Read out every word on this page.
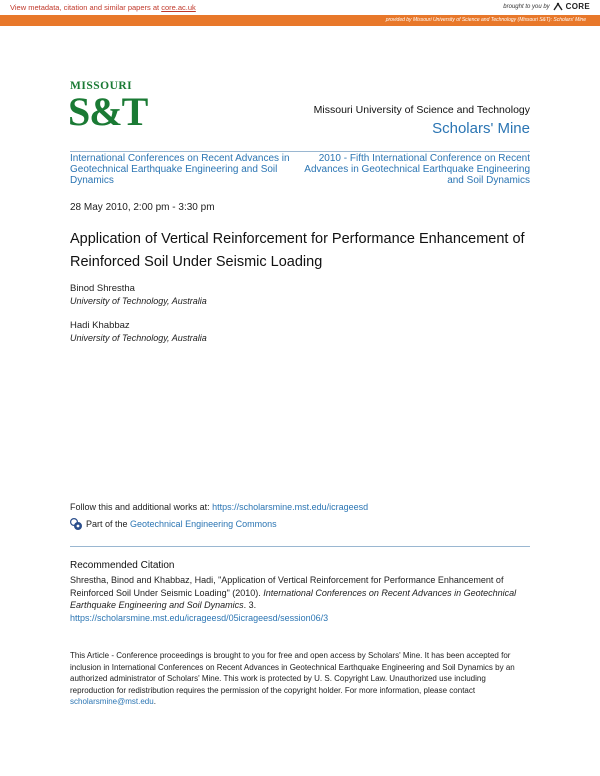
View metadata, citation and similar papers at core.ac.uk	brought to you by CORE
provided by Missouri University of Science and Technology (Missouri S&T): Scholars' Mine
MISSOURI
S&T	Missouri University of Science and Technology
Scholars' Mine
International Conferences on Recent Advances in Geotechnical Earthquake Engineering and Soil Dynamics
2010 - Fifth International Conference on Recent Advances in Geotechnical Earthquake Engineering and Soil Dynamics
28 May 2010, 2:00 pm - 3:30 pm
Application of Vertical Reinforcement for Performance Enhancement of Reinforced Soil Under Seismic Loading
Binod Shrestha
University of Technology, Australia
Hadi Khabbaz
University of Technology, Australia
Follow this and additional works at: https://scholarsmine.mst.edu/icrageesd
Part of the Geotechnical Engineering Commons
Recommended Citation
Shrestha, Binod and Khabbaz, Hadi, "Application of Vertical Reinforcement for Performance Enhancement of Reinforced Soil Under Seismic Loading" (2010). International Conferences on Recent Advances in Geotechnical Earthquake Engineering and Soil Dynamics. 3.
https://scholarsmine.mst.edu/icrageesd/05icrageesd/session06/3
This Article - Conference proceedings is brought to you for free and open access by Scholars' Mine. It has been accepted for inclusion in International Conferences on Recent Advances in Geotechnical Earthquake Engineering and Soil Dynamics by an authorized administrator of Scholars' Mine. This work is protected by U. S. Copyright Law. Unauthorized use including reproduction for redistribution requires the permission of the copyright holder. For more information, please contact scholarsmine@mst.edu.
